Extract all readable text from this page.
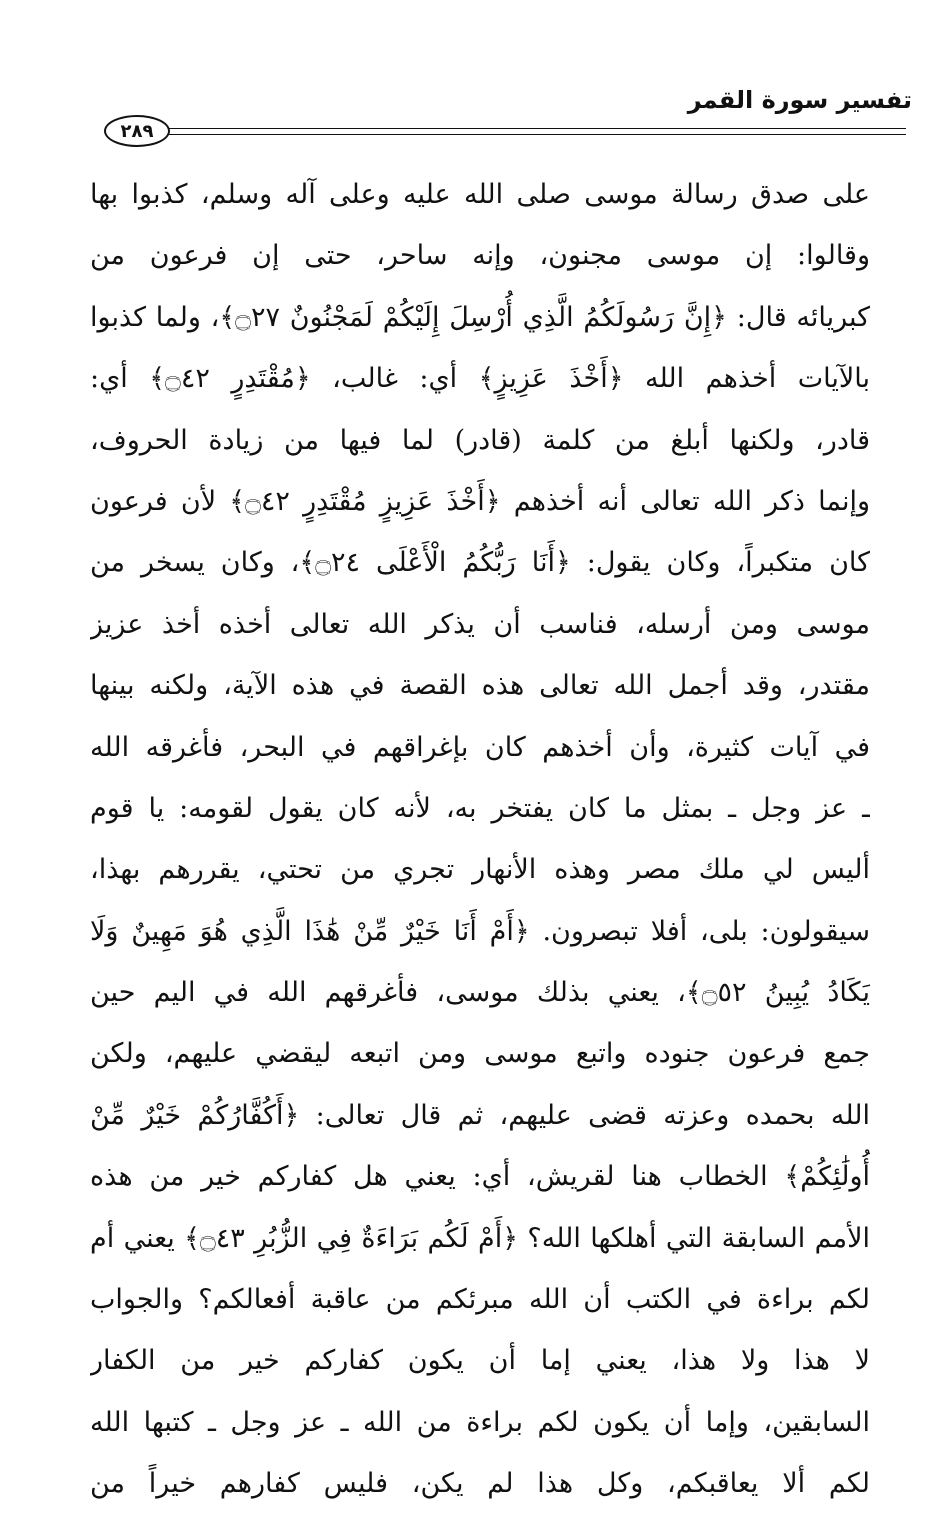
تفسير سورة القمر
٢٨٩
على صدق رسالة موسى صلى الله عليه وعلى آله وسلم، كذبوا بها
وقالوا: إن موسى مجنون، وإنه ساحر، حتى إن فرعون من
كبريائه قال: ﴿إِنَّ رَسُولَكُمُ الَّذِي أُرْسِلَ إِلَيْكُمْ لَمَجْنُونٌ ۝٢٧﴾، ولما كذبوا
بالآيات أخذهم الله ﴿أَخْذَ عَزِيزٍ﴾ أي: غالب، ﴿مُقْتَدِرٍ ۝٤٢﴾ أي:
قادر، ولكنها أبلغ من كلمة (قادر) لما فيها من زيادة الحروف،
وإنما ذكر الله تعالى أنه أخذهم ﴿أَخْذَ عَزِيزٍ مُقْتَدِرٍ ۝٤٢﴾ لأن فرعون
كان متكبراً، وكان يقول: ﴿أَنَا رَبُّكُمُ الْأَعْلَى ۝٢٤﴾، وكان يسخر من
موسى ومن أرسله، فناسب أن يذكر الله تعالى أخذه أخذ عزيز
مقتدر، وقد أجمل الله تعالى هذه القصة في هذه الآية، ولكنه بينها
في آيات كثيرة، وأن أخذهم كان بإغراقهم في البحر، فأغرقه الله
ـ عز وجل ـ بمثل ما كان يفتخر به، لأنه كان يقول لقومه: يا قوم
أليس لي ملك مصر وهذه الأنهار تجري من تحتي، يقررهم بهذا،
سيقولون: بلى، أفلا تبصرون. ﴿أَمْ أَنَا خَيْرٌ مِّنْ هَٰذَا الَّذِي هُوَ مَهِينٌ وَلَا
يَكَادُ يُبِينُ ۝٥٢﴾، يعني بذلك موسى، فأغرقهم الله في اليم حين
جمع فرعون جنوده واتبع موسى ومن اتبعه ليقضي عليهم، ولكن
الله بحمده وعزته قضى عليهم، ثم قال تعالى: ﴿أَكُفَّارُكُمْ خَيْرٌ مِّنْ
أُولَٰئِكُمْ﴾ الخطاب هنا لقريش، أي: يعني هل كفاركم خير من هذه
الأمم السابقة التي أهلكها الله؟ ﴿أَمْ لَكُم بَرَاءَةٌ فِي الزُّبُرِ ۝٤٣﴾ يعني أم
لكم براءة في الكتب أن الله مبرئكم من عاقبة أفعالكم؟ والجواب
لا هذا ولا هذا، يعني إما أن يكون كفاركم خير من الكفار
السابقين، وإما أن يكون لكم براءة من الله ـ عز وجل ـ كتبها الله
لكم ألا يعاقبكم، وكل هذا لم يكن، فليس كفارهم خيراً من
